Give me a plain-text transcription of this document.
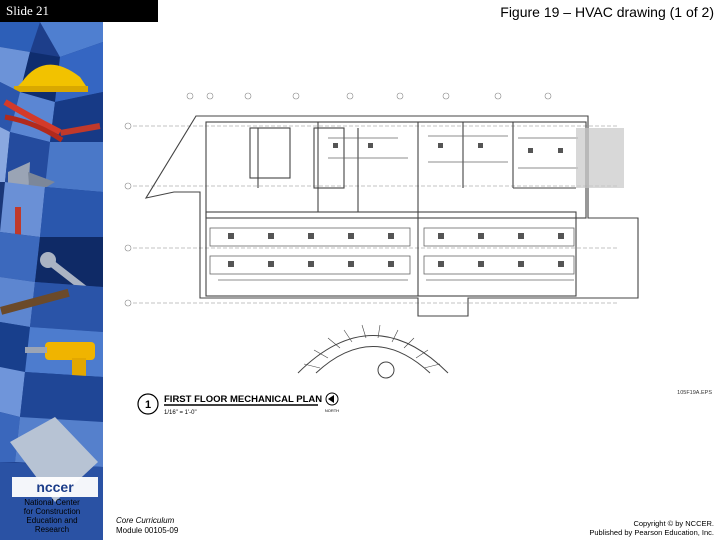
Slide 21	Figure 19 – HVAC drawing (1 of 2)
nccer
National Center
for Construction
Education and
Research
1 FIRST FLOOR MECHANICAL PLAN
1/16" = 1'-0"	NORTH
105F19A.EPS
Core Curriculum
Module 00105-09
Copyright © by NCCER.
Published by Pearson Education, Inc.
